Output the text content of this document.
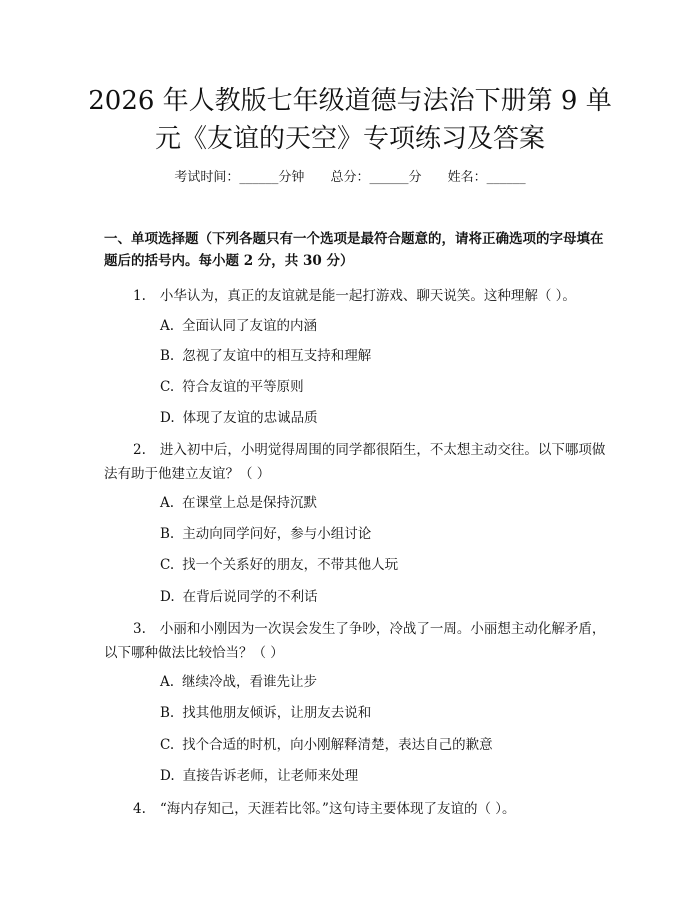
2026 年人教版七年级道德与法治下册第 9 单
元《友谊的天空》专项练习及答案
考试时间：______分钟 总分：______分 姓名：______
一、单项选择题（下列各题只有一个选项是最符合题意的，请将正确选项的字母填在题后的括号内。每小题 2 分，共 30 分）
1. 小华认为，真正的友谊就是能一起打游戏、聊天说笑。这种理解（ ）。
A. 全面认同了友谊的内涵
B. 忽视了友谊中的相互支持和理解
C. 符合友谊的平等原则
D. 体现了友谊的忠诚品质
2. 进入初中后，小明觉得周围的同学都很陌生，不太想主动交往。以下哪项做法有助于他建立友谊？（ ）
A. 在课堂上总是保持沉默
B. 主动向同学问好，参与小组讨论
C. 找一个关系好的朋友，不带其他人玩
D. 在背后说同学的不利话
3. 小丽和小刚因为一次误会发生了争吵，冷战了一周。小丽想主动化解矛盾，以下哪种做法比较恰当？（ ）
A. 继续冷战，看谁先让步
B. 找其他朋友倾诉，让朋友去说和
C. 找个合适的时机，向小刚解释清楚，表达自己的歉意
D. 直接告诉老师，让老师来处理
4. “海内存知己，天涯若比邻。”这句诗主要体现了友谊的（ ）。
